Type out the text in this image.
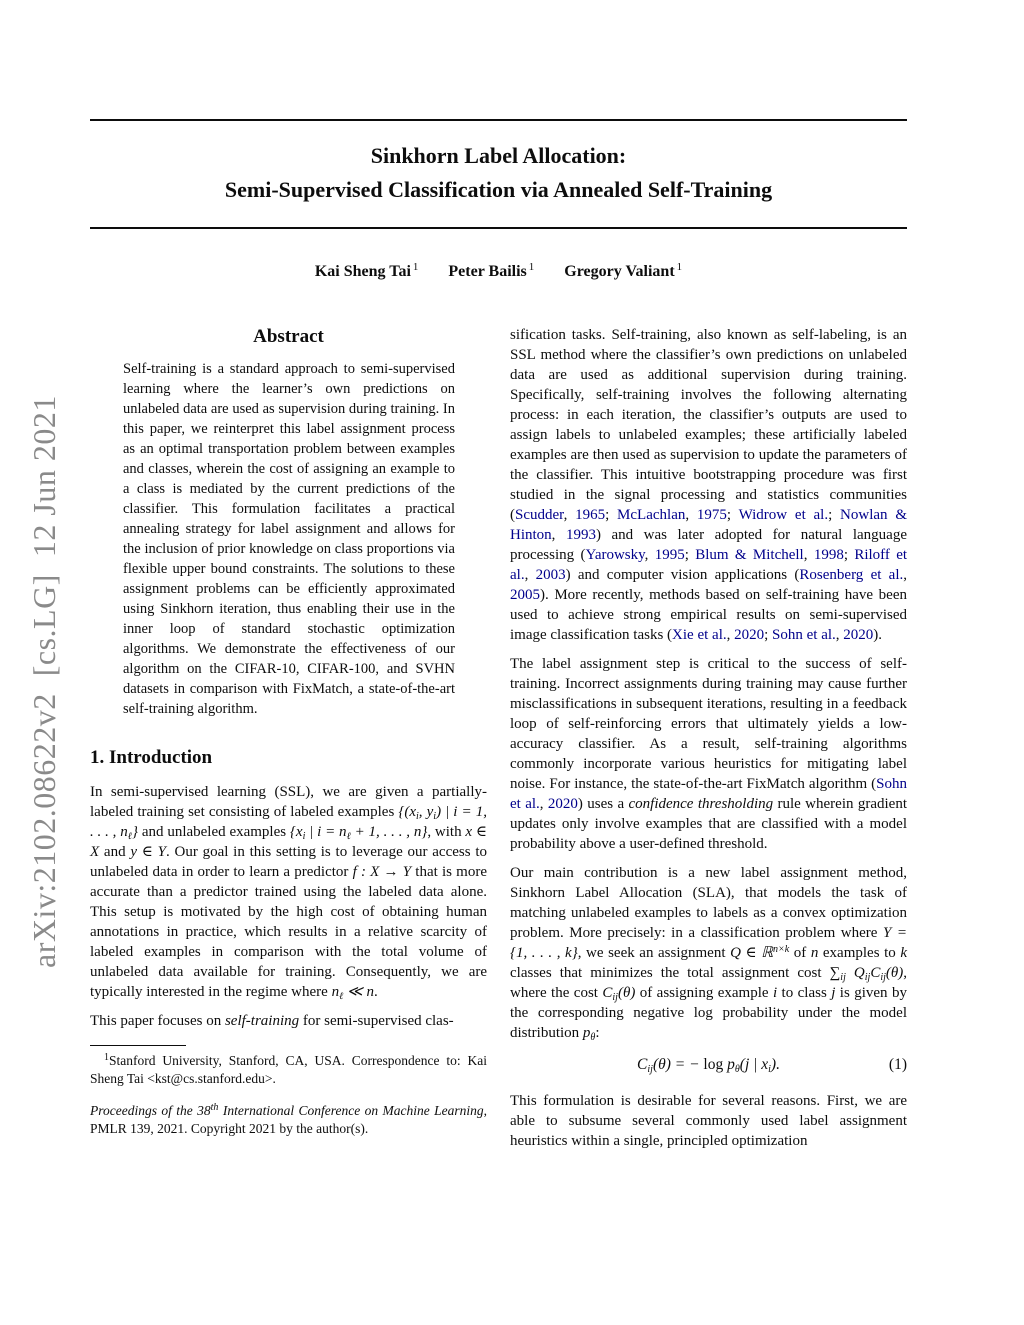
arXiv:2102.08622v2  [cs.LG]  12 Jun 2021
Sinkhorn Label Allocation:
Semi-Supervised Classification via Annealed Self-Training
Kai Sheng Tai $^1$ Peter Bailis $^1$ Gregory Valiant $^1$
Abstract
Self-training is a standard approach to semi-supervised learning where the learner’s own predictions on unlabeled data are used as supervision during training. In this paper, we reinterpret this label assignment process as an optimal transportation problem between examples and classes, wherein the cost of assigning an example to a class is mediated by the current predictions of the classifier. This formulation facilitates a practical annealing strategy for label assignment and allows for the inclusion of prior knowledge on class proportions via flexible upper bound constraints. The solutions to these assignment problems can be efficiently approximated using Sinkhorn iteration, thus enabling their use in the inner loop of standard stochastic optimization algorithms. We demonstrate the effectiveness of our algorithm on the CIFAR-10, CIFAR-100, and SVHN datasets in comparison with FixMatch, a state-of-the-art self-training algorithm.
1. Introduction

In semi-supervised learning (SSL), we are given a partially-labeled training set consisting of labeled examples {($x_i$, $y_i$) | i = 1, . . . , $n_\ell$} and unlabeled examples {$x_i$ | $i = n_\ell + 1$, . . . , n}, with x ∈ X and y ∈ Y. Our goal in this setting is to leverage our access to unlabeled data in order to learn a predictor f : X → Y that is more accurate than a predictor trained using the labeled data alone. This setup is motivated by the high cost of obtaining human annotations in practice, which results in a relative scarcity of labeled examples in comparison with the total volume of unlabeled data available for training. Consequently, we are typically interested in the regime where $n_\ell$ ≪ n.

This paper focuses on self-training for semi-supervised clas-

$^1$Stanford University, Stanford, CA, USA. Correspondence to: Kai Sheng Tai <kst@cs.stanford.edu>.
Proceedings of the 38th International Conference on Machine Learning, PMLR 139, 2021. Copyright 2021 by the author(s).

sification tasks. Self-training, also known as self-labeling, is an SSL method where the classifier’s own predictions on unlabeled data are used as additional supervision during training. Specifically, self-training involves the following alternating process: in each iteration, the classifier’s outputs are used to assign labels to unlabeled examples; these artificially labeled examples are then used as supervision to update the parameters of the classifier. This intuitive bootstrapping procedure was first studied in the signal processing and statistics communities (Scudder, 1965; McLachlan, 1975; Widrow et al.; Nowlan & Hinton, 1993) and was later adopted for natural language processing (Yarowsky, 1995; Blum & Mitchell, 1998; Riloff et al., 2003) and computer vision applications (Rosenberg et al., 2005). More recently, methods based on self-training have been used to achieve strong empirical results on semi-supervised image classification tasks (Xie et al., 2020; Sohn et al., 2020).

The label assignment step is critical to the success of self-training. Incorrect assignments during training may cause further misclassifications in subsequent iterations, resulting in a feedback loop of self-reinforcing errors that ultimately yields a low-accuracy classifier. As a result, self-training algorithms commonly incorporate various heuristics for mitigating label noise. For instance, the state-of-the-art FixMatch algorithm (Sohn et al., 2020) uses a confidence thresholding rule wherein gradient updates only involve examples that are classified with a model probability above a user-defined threshold.

Our main contribution is a new label assignment method, Sinkhorn Label Allocation (SLA), that models the task of matching unlabeled examples to labels as a convex optimization problem. More precisely: in a classification problem where Y = {1, . . . , k}, we seek an assignment Q ∈ ℝ$^{n\times k}$ of n examples to k classes that minimizes the total assignment cost $\sum_{ij}$ $Q_{ij}C_{ij}(\theta)$, where the cost $C_{ij}(\theta)$ of assigning example i to class j is given by the corresponding negative log probability under the model distribution $p_\theta$:

Cij(θ) = − log pθ(j | xi).	(1)

This formulation is desirable for several reasons. First, we are able to subsume several commonly used label assignment heuristics within a single, principled optimization
